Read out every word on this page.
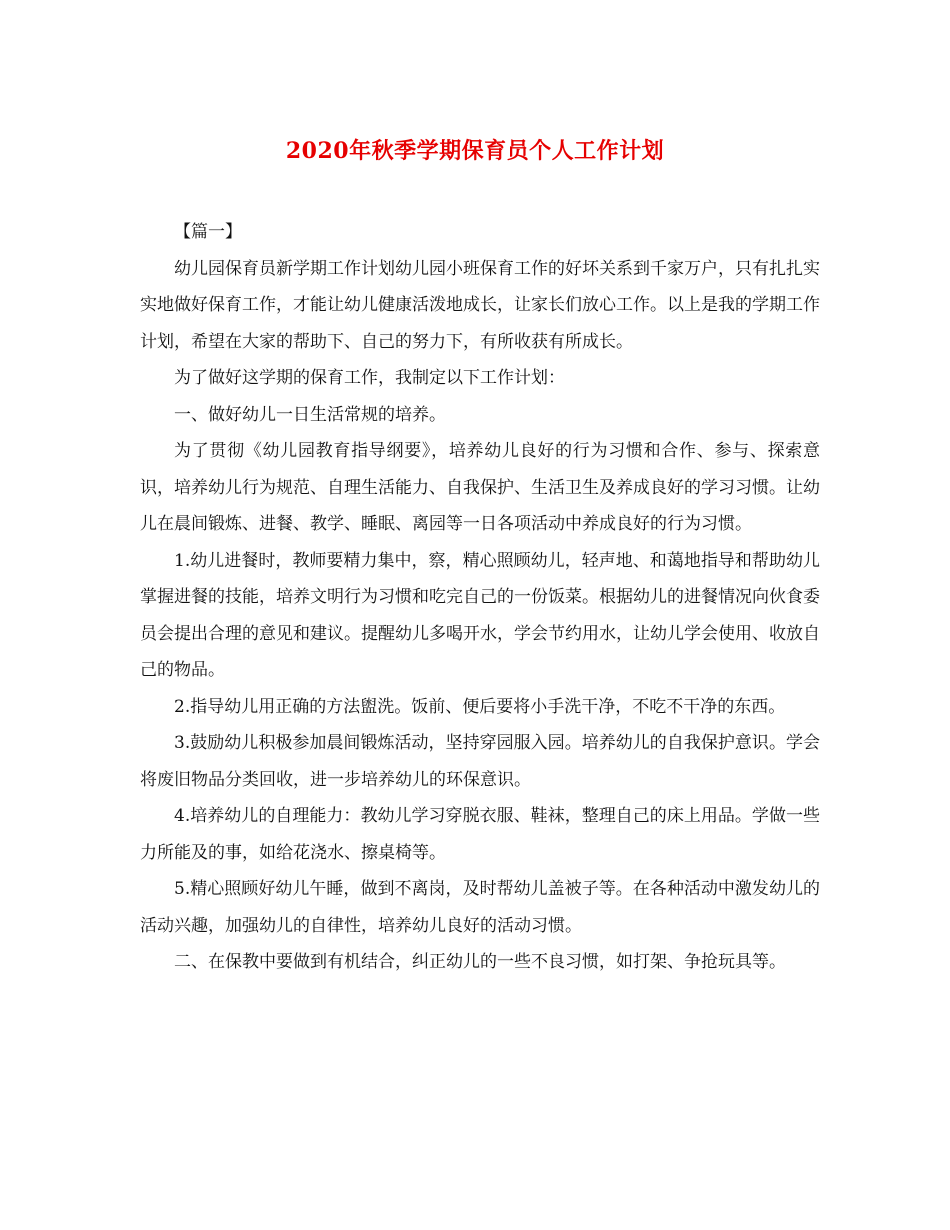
2020年秋季学期保育员个人工作计划

【篇一】

幼儿园保育员新学期工作计划幼儿园小班保育工作的好坏关系到千家万户，只有扎扎实实地做好保育工作，才能让幼儿健康活泼地成长，让家长们放心工作。以上是我的学期工作计划，希望在大家的帮助下、自己的努力下，有所收获有所成长。

为了做好这学期的保育工作，我制定以下工作计划：

一、做好幼儿一日生活常规的培养。

为了贯彻《幼儿园教育指导纲要》，培养幼儿良好的行为习惯和合作、参与、探索意识，培养幼儿行为规范、自理生活能力、自我保护、生活卫生及养成良好的学习习惯。让幼儿在晨间锻炼、进餐、教学、睡眠、离园等一日各项活动中养成良好的行为习惯。

1.幼儿进餐时，教师要精力集中，察，精心照顾幼儿，轻声地、和蔼地指导和帮助幼儿掌握进餐的技能，培养文明行为习惯和吃完自己的一份饭菜。根据幼儿的进餐情况向伙食委员会提出合理的意见和建议。提醒幼儿多喝开水，学会节约用水，让幼儿学会使用、收放自己的物品。

2.指导幼儿用正确的方法盥洗。饭前、便后要将小手洗干净，不吃不干净的东西。

3.鼓励幼儿积极参加晨间锻炼活动，坚持穿园服入园。培养幼儿的自我保护意识。学会将废旧物品分类回收，进一步培养幼儿的环保意识。

4.培养幼儿的自理能力：教幼儿学习穿脱衣服、鞋袜，整理自己的床上用品。学做一些力所能及的事，如给花浇水、擦桌椅等。

5.精心照顾好幼儿午睡，做到不离岗，及时帮幼儿盖被子等。在各种活动中激发幼儿的活动兴趣，加强幼儿的自律性，培养幼儿良好的活动习惯。

二、在保教中要做到有机结合，纠正幼儿的一些不良习惯，如打架、争抢玩具等。
